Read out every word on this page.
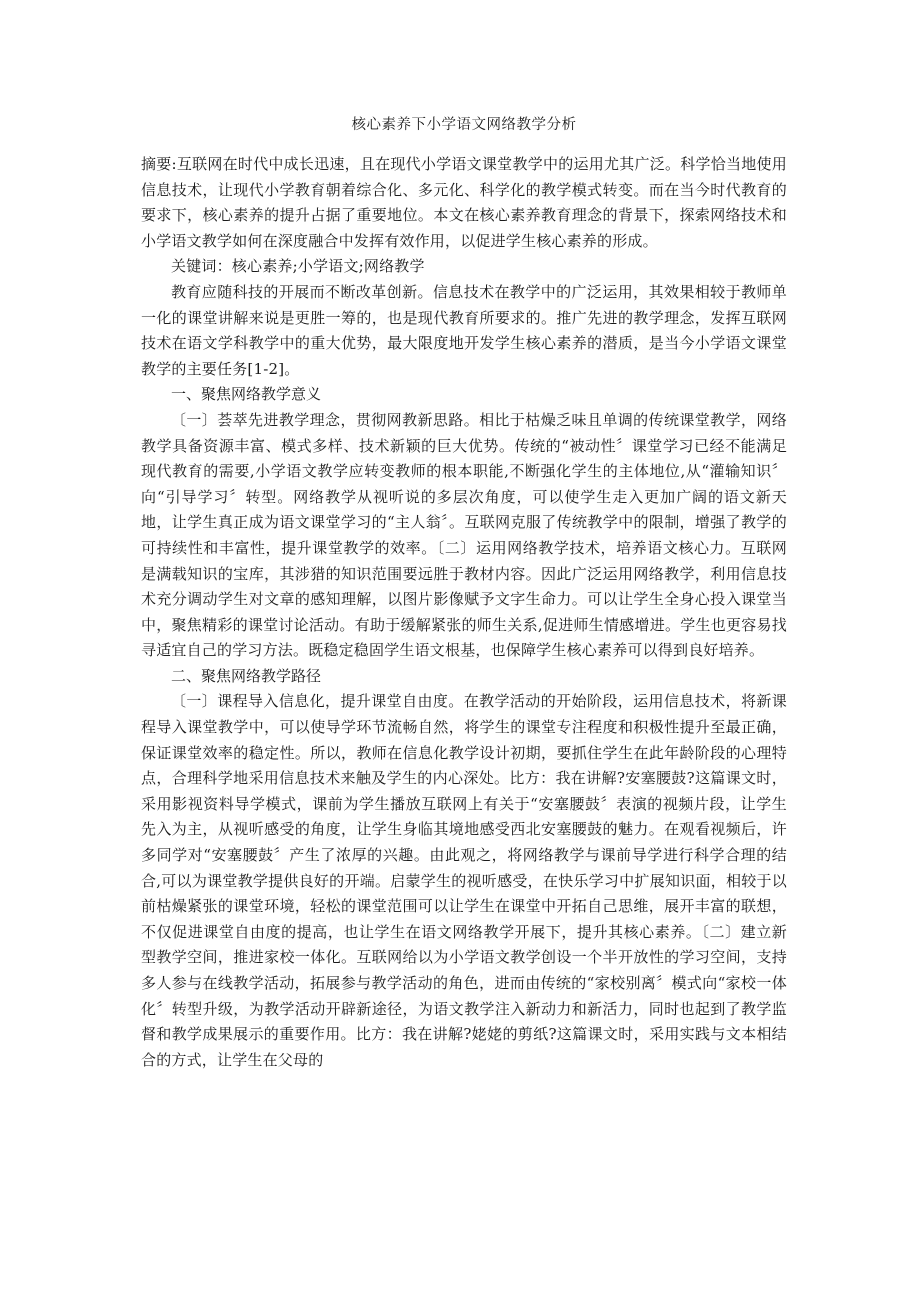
核心素养下小学语文网络教学分析

摘要:互联网在时代中成长迅速，且在现代小学语文课堂教学中的运用尤其广泛。科学恰当地使用信息技术，让现代小学教育朝着综合化、多元化、科学化的教学模式转变。而在当今时代教育的要求下，核心素养的提升占据了重要地位。本文在核心素养教育理念的背景下，探索网络技术和小学语文教学如何在深度融合中发挥有效作用，以促进学生核心素养的形成。

关键词：核心素养;小学语文;网络教学

教育应随科技的开展而不断改革创新。信息技术在教学中的广泛运用，其效果相较于教师单一化的课堂讲解来说是更胜一筹的，也是现代教育所要求的。推广先进的教学理念，发挥互联网技术在语文学科教学中的重大优势，最大限度地开发学生核心素养的潜质，是当今小学语文课堂教学的主要任务[1-2]。

一、聚焦网络教学意义

〔一〕荟萃先进教学理念，贯彻网教新思路。相比于枯燥乏味且单调的传统课堂教学，网络教学具备资源丰富、模式多样、技术新颖的巨大优势。传统的“被动性〞课堂学习已经不能满足现代教育的需要,小学语文教学应转变教师的根本职能,不断强化学生的主体地位,从“灌输知识〞向“引导学习〞转型。网络教学从视听说的多层次角度，可以使学生走入更加广阔的语文新天地，让学生真正成为语文课堂学习的“主人翁〞。互联网克服了传统教学中的限制，增强了教学的可持续性和丰富性，提升课堂教学的效率。〔二〕运用网络教学技术，培养语文核心力。互联网是满载知识的宝库，其涉猎的知识范围要远胜于教材内容。因此广泛运用网络教学，利用信息技术充分调动学生对文章的感知理解，以图片影像赋予文字生命力。可以让学生全身心投入课堂当中，聚焦精彩的课堂讨论活动。有助于缓解紧张的师生关系,促进师生情感增进。学生也更容易找寻适宜自己的学习方法。既稳定稳固学生语文根基，也保障学生核心素养可以得到良好培养。

二、聚焦网络教学路径

〔一〕课程导入信息化，提升课堂自由度。在教学活动的开始阶段，运用信息技术，将新课程导入课堂教学中，可以使导学环节流畅自然，将学生的课堂专注程度和积极性提升至最正确，保证课堂效率的稳定性。所以，教师在信息化教学设计初期，要抓住学生在此年龄阶段的心理特点，合理科学地采用信息技术来触及学生的内心深处。比方：我在讲解?安塞腰鼓?这篇课文时，采用影视资料导学模式，课前为学生播放互联网上有关于“安塞腰鼓〞表演的视频片段，让学生先入为主，从视听感受的角度，让学生身临其境地感受西北安塞腰鼓的魅力。在观看视频后，许多同学对“安塞腰鼓〞产生了浓厚的兴趣。由此观之，将网络教学与课前导学进行科学合理的结合,可以为课堂教学提供良好的开端。启蒙学生的视听感受，在快乐学习中扩展知识面，相较于以前枯燥紧张的课堂环境，轻松的课堂范围可以让学生在课堂中开拓自己思维，展开丰富的联想，不仅促进课堂自由度的提高，也让学生在语文网络教学开展下，提升其核心素养。〔二〕建立新型教学空间，推进家校一体化。互联网给以为小学语文教学创设一个半开放性的学习空间，支持多人参与在线教学活动，拓展参与教学活动的角色，进而由传统的“家校别离〞模式向“家校一体化〞转型升级，为教学活动开辟新途径，为语文教学注入新动力和新活力，同时也起到了教学监督和教学成果展示的重要作用。比方：我在讲解?姥姥的剪纸?这篇课文时，采用实践与文本相结合的方式，让学生在父母的
